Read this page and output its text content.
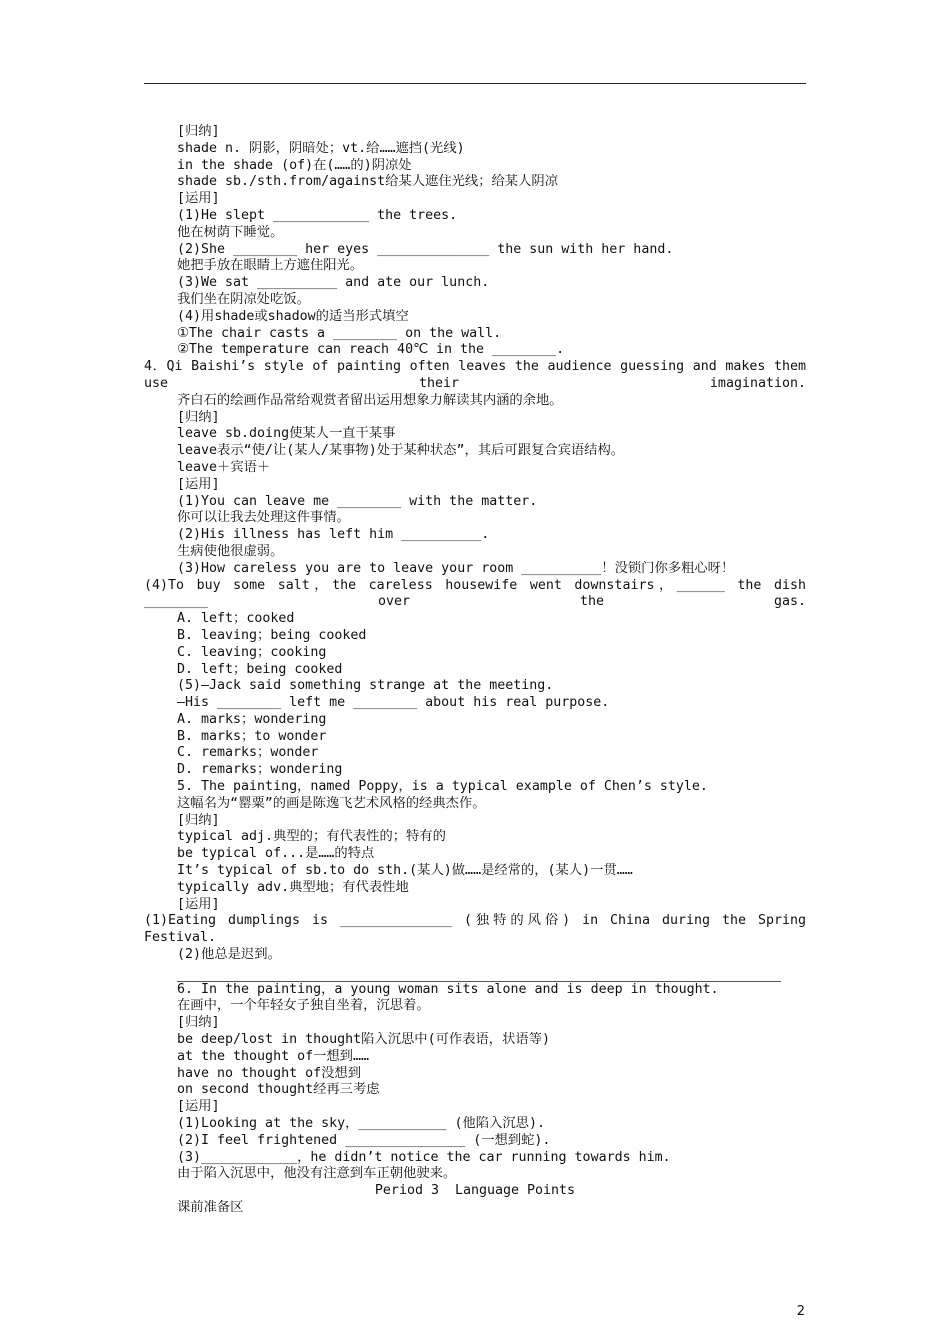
[归纳]
shade n. 阴影，阴暗处；vt.给……遮挡(光线)
in the shade (of)在(……的)阴凉处
shade sb./sth.from/against给某人遮住光线；给某人阴凉
[运用]
(1)He slept ____________ the trees.
他在树荫下睡觉。
(2)She ________ her eyes ______________ the sun with her hand.
她把手放在眼睛上方遮住阳光。
(3)We sat __________ and ate our lunch.
我们坐在阴凉处吃饭。
(4)用shade或shadow的适当形式填空
①The chair casts a ________ on the wall.
②The temperature can reach 40℃ in the ________.
4．Qi Baishi’s style of painting often leaves the audience guessing and makes them use their imagination.
齐白石的绘画作品常给观赏者留出运用想象力解读其内涵的余地。
[归纳]
leave sb.doing使某人一直干某事
leave表示“使/让(某人/某事物)处于某种状态”，其后可跟复合宾语结构。
leave＋宾语＋
[运用]
(1)You can leave me ________ with the matter.
你可以让我去处理这件事情。
(2)His illness has left him __________.
生病使他很虚弱。
(3)How careless you are to leave your room __________！没锁门你多粗心呀！
(4)To buy some salt，the careless housewife went downstairs，______ the dish ________ over the gas.
A. left；cooked
B. leaving；being cooked
C. leaving；cooking
D. left；being cooked
(5)—Jack said something strange at the meeting.
—His ________ left me ________ about his real purpose.
A. marks；wondering
B. marks；to wonder
C. remarks；wonder
D. remarks；wondering
5. The painting，named Poppy，is a typical example of Chen’s style.
这幅名为“罂粟”的画是陈逸飞艺术风格的经典杰作。
[归纳]
typical adj.典型的；有代表性的；特有的
be typical of...是……的特点
It’s typical of sb.to do sth.(某人)做……是经常的，(某人)一贯……
typically adv.典型地；有代表性地
[运用]
(1)Eating dumplings is ______________ (独特的风俗) in China during the Spring Festival.
(2)他总是迟到。
6. In the painting，a young woman sits alone and is deep in thought.
在画中，一个年轻女子独自坐着，沉思着。
[归纳]
be deep/lost in thought陷入沉思中(可作表语，状语等)
at the thought of一想到……
have no thought of没想到
on second thought经再三考虑
[运用]
(1)Looking at the sky，___________ (他陷入沉思).
(2)I feel frightened _______________ (一想到蛇).
(3)____________，he didn’t notice the car running towards him.
由于陷入沉思中，他没有注意到车正朝他驶来。
Period 3  Language Points
课前准备区
2
